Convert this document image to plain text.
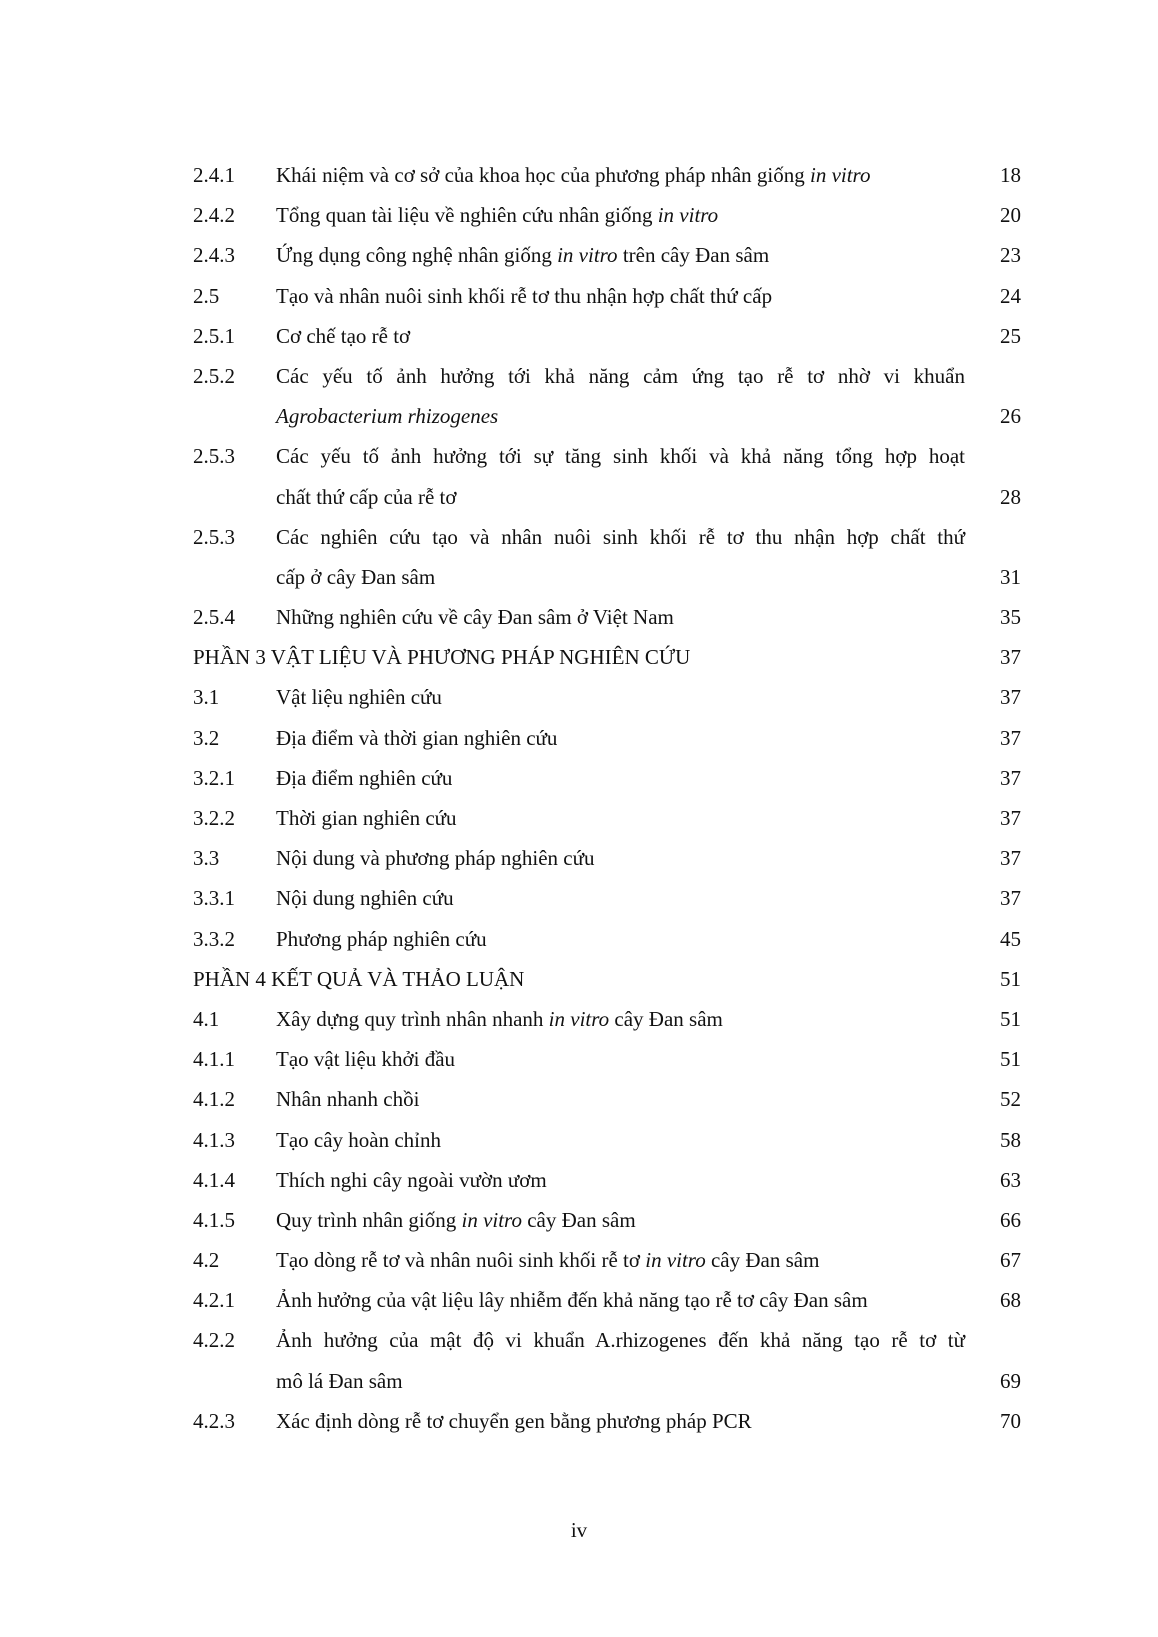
2.4.1 Khái niệm và cơ sở của khoa học của phương pháp nhân giống in vitro	18
2.4.2 Tổng quan tài liệu về nghiên cứu nhân giống in vitro	20
2.4.3 Ứng dụng công nghệ nhân giống in vitro trên cây Đan sâm	23
2.5	Tạo và nhân nuôi sinh khối rễ tơ thu nhận hợp chất thứ cấp	24
2.5.1 Cơ chế tạo rễ tơ	25
2.5.2 Các yếu tố ảnh hưởng tới khả năng cảm ứng tạo rễ tơ nhờ vi khuẩn
Agrobacterium rhizogenes	26
2.5.3 Các yếu tố ảnh hưởng tới sự tăng sinh khối và khả năng tổng hợp hoạt
chất thứ cấp của rễ tơ	28
2.5.3 Các nghiên cứu tạo và nhân nuôi sinh khối rễ tơ thu nhận hợp chất thứ
cấp ở cây Đan sâm	31
2.5.4 Những nghiên cứu về cây Đan sâm ở Việt Nam	35
PHẦN 3 VẬT LIỆU VÀ PHƯƠNG PHÁP NGHIÊN CỨU	37
3.1	Vật liệu nghiên cứu	37
3.2	Địa điểm và thời gian nghiên cứu	37
3.2.1 Địa điểm nghiên cứu	37
3.2.2 Thời gian nghiên cứu	37
3.3	Nội dung và phương pháp nghiên cứu	37
3.3.1 Nội dung nghiên cứu	37
3.3.2 Phương pháp nghiên cứu	45
PHẦN 4 KẾT QUẢ VÀ THẢO LUẬN	51
4.1	Xây dựng quy trình nhân nhanh in vitro cây Đan sâm	51
4.1.1 Tạo vật liệu khởi đầu	51
4.1.2 Nhân nhanh chồi	52
4.1.3 Tạo cây hoàn chỉnh	58
4.1.4 Thích nghi cây ngoài vườn ươm	63
4.1.5 Quy trình nhân giống in vitro cây Đan sâm	66
4.2	Tạo dòng rễ tơ và nhân nuôi sinh khối rễ tơ in vitro cây Đan sâm	67
4.2.1 Ảnh hưởng của vật liệu lây nhiễm đến khả năng tạo rễ tơ cây Đan sâm	68
4.2.2 Ảnh hưởng của mật độ vi khuẩn A.rhizogenes đến khả năng tạo rễ tơ từ
mô lá Đan sâm	69
4.2.3 Xác định dòng rễ tơ chuyển gen bằng phương pháp PCR	70
iv
